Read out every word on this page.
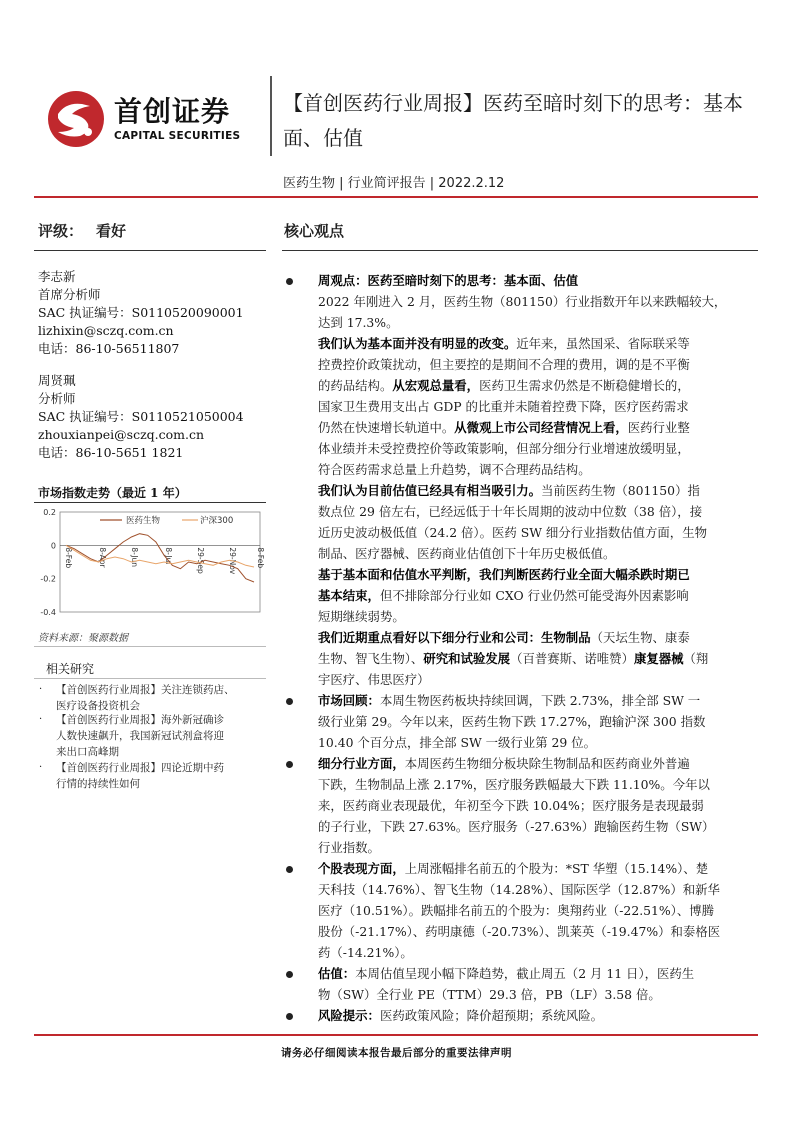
首创证券
CAPITAL SECURITIES
【首创医药行业周报】医药至暗时刻下的思考：基本
面、估值
医药生物 | 行业简评报告 | 2022.2.12
评级： 看好	核心观点
李志新
首席分析师
SAC 执证编号：S0110520090001
lizhixin@sczq.com.cn
电话：86-10-56511807
周贤珮
分析师
SAC 执证编号：S0110521050004
zhouxianpei@sczq.com.cn
电话：86-10-5651 1821
市场指数走势（最近 1 年）
0.2
0
-0.2
-0.4
8-Feb	8-Apr	8-Jun	8-Jul	29-Sep	29-Nov	8-Feb
医药生物	沪深300
资料来源：聚源数据
相关研究
· 【首创医药行业周报】关注连锁药店、
医疗设备投资机会
· 【首创医药行业周报】海外新冠确诊
人数快速飙升，我国新冠试剂盒将迎
来出口高峰期
· 【首创医药行业周报】四论近期中药
行情的持续性如何
周观点：医药至暗时刻下的思考：基本面、估值
2022 年刚进入 2 月，医药生物（801150）行业指数开年以来跌幅较大，
达到 17.3%。
我们认为基本面并没有明显的改变。近年来，虽然国采、省际联采等
控费控价政策扰动，但主要控的是期间不合理的费用，调的是不平衡
的药品结构。从宏观总量看，医药卫生需求仍然是不断稳健增长的，
国家卫生费用支出占 GDP 的比重并未随着控费下降，医疗医药需求
仍然在快速增长轨道中。从微观上市公司经营情况上看，医药行业整
体业绩并未受控费控价等政策影响，但部分细分行业增速放缓明显，
符合医药需求总量上升趋势，调不合理药品结构。
我们认为目前估值已经具有相当吸引力。当前医药生物（801150）指
数点位 29 倍左右，已经远低于十年长周期的波动中位数（38 倍），接
近历史波动极低值（24.2 倍）。医药 SW 细分行业指数估值方面，生物
制品、医疗器械、医药商业估值创下十年历史极低值。
基于基本面和估值水平判断，我们判断医药行业全面大幅杀跌时期已
基本结束，但不排除部分行业如 CXO 行业仍然可能受海外因素影响
短期继续弱势。
我们近期重点看好以下细分行业和公司：生物制品（天坛生物、康泰
生物、智飞生物）、研究和试验发展（百普赛斯、诺唯赞）康复器械（翔
宇医疗、伟思医疗）
市场回顾：本周生物医药板块持续回调，下跌 2.73%，排全部 SW 一
级行业第 29。今年以来，医药生物下跌 17.27%，跑输沪深 300 指数
10.40 个百分点，排全部 SW 一级行业第 29 位。
细分行业方面，本周医药生物细分板块除生物制品和医药商业外普遍
下跌，生物制品上涨 2.17%，医疗服务跌幅最大下跌 11.10%。今年以
来，医药商业表现最优，年初至今下跌 10.04%；医疗服务是表现最弱
的子行业，下跌 27.63%。医疗服务（-27.63%）跑输医药生物（SW）
行业指数。
个股表现方面，上周涨幅排名前五的个股为：*ST 华塑（15.14%）、楚
天科技（14.76%）、智飞生物（14.28%）、国际医学（12.87%）和新华
医疗（10.51%）。跌幅排名前五的个股为：奥翔药业（-22.51%）、博腾
股份（-21.17%）、药明康德（-20.73%）、凯莱英（-19.47%）和泰格医
药（-14.21%）。
估值：本周估值呈现小幅下降趋势，截止周五（2 月 11 日），医药生
物（SW）全行业 PE（TTM）29.3 倍，PB（LF）3.58 倍。
风险提示：医药政策风险；降价超预期；系统风险。
请务必仔细阅读本报告最后部分的重要法律声明
